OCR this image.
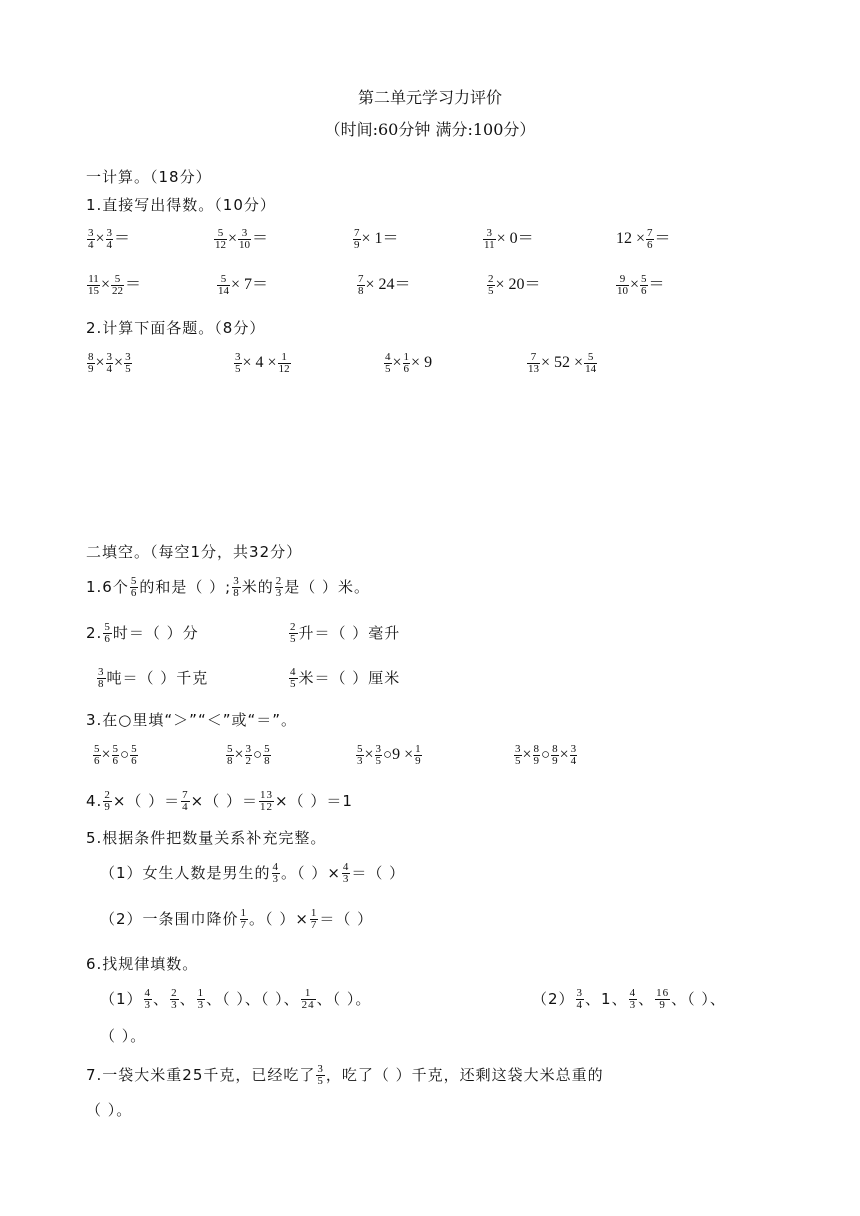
第二单元学习力评价
（时间:60分钟 满分:100分）
一计算。（18分）
1.直接写出得数。（10分）
$\frac{3}{4} \times \frac{3}{4}$ ＝	$\frac{5}{12} \times \frac{3}{10}$ ＝	$\frac{7}{9} \times 1=$	$\frac{3}{11} \times 0=$	$12 \times \frac{7}{6}$ ＝
$\frac{11}{15} \times \frac{5}{22}$ ＝	$\frac{5}{14} \times 7=$	$\frac{7}{8} \times 24=$	$\frac{2}{5} \times 20=$	$\frac{9}{10} \times \frac{5}{6}$ ＝
2.计算下面各题。（8分）
$\frac{8}{9} \times \frac{3}{4} \times \frac{3}{5}$	$\frac{3}{5} \times 4 \times \frac{1}{12}$	$\frac{4}{5} \times \frac{1}{6} \times 9$	$\frac{7}{13} \times 52 \times \frac{5}{14}$
二填空。（每空1分，共32分）
1.6个 $\frac{5}{6}$ 的和是（ ）; $\frac{3}{8}$ 米的 $\frac{2}{3}$ 是（ ）米。
2. $\frac{5}{6}$ 时＝（ ）分	$\frac{2}{5}$ 升＝（ ）毫升
$\frac{3}{8}$ 吨＝（ ）千克	$\frac{4}{5}$ 米＝（ ）厘米
3.在○里填“＞”“＜”或“＝”。
$\frac{5}{6} \times \frac{5}{6}$ ○ $\frac{5}{6}$	$\frac{5}{8} \times \frac{3}{2}$ ○ $\frac{5}{8}$	$\frac{5}{3} \times \frac{3}{5}$ ○9 × $\frac{1}{9}$	$\frac{3}{5} \times \frac{8}{9}$ ○ $\frac{8}{9} \times \frac{3}{4}$
4. $\frac{2}{9}$ ×（ ）＝ $\frac{7}{4}$ ×（ ）＝ $\frac{13}{12}$ ×（ ）＝1
5.根据条件把数量关系补充完整。
（1）女生人数是男生的 $\frac{4}{3}$ 。（ ）× $\frac{4}{3}$ ＝（ ）
（2）一条围巾降价 $\frac{1}{7}$ 。（ ）× $\frac{1}{7}$ ＝（ ）
6.找规律填数。
$(1) \frac{4}{3}$ 、 $\frac{2}{3}$ 、 $\frac{1}{3}$ 、（ ）、（ ）、 $\frac{1}{24}$ 、（ ）。	$(2) \frac{3}{4}$ 、1、 $\frac{4}{3}$ 、 $\frac{16}{9}$ 、（ ）、
（ ）。
7.一袋大米重25千克，已经吃了 $\frac{3}{5}$ ，吃了（ ）千克，还剩这袋大米总重的
（ ）。
